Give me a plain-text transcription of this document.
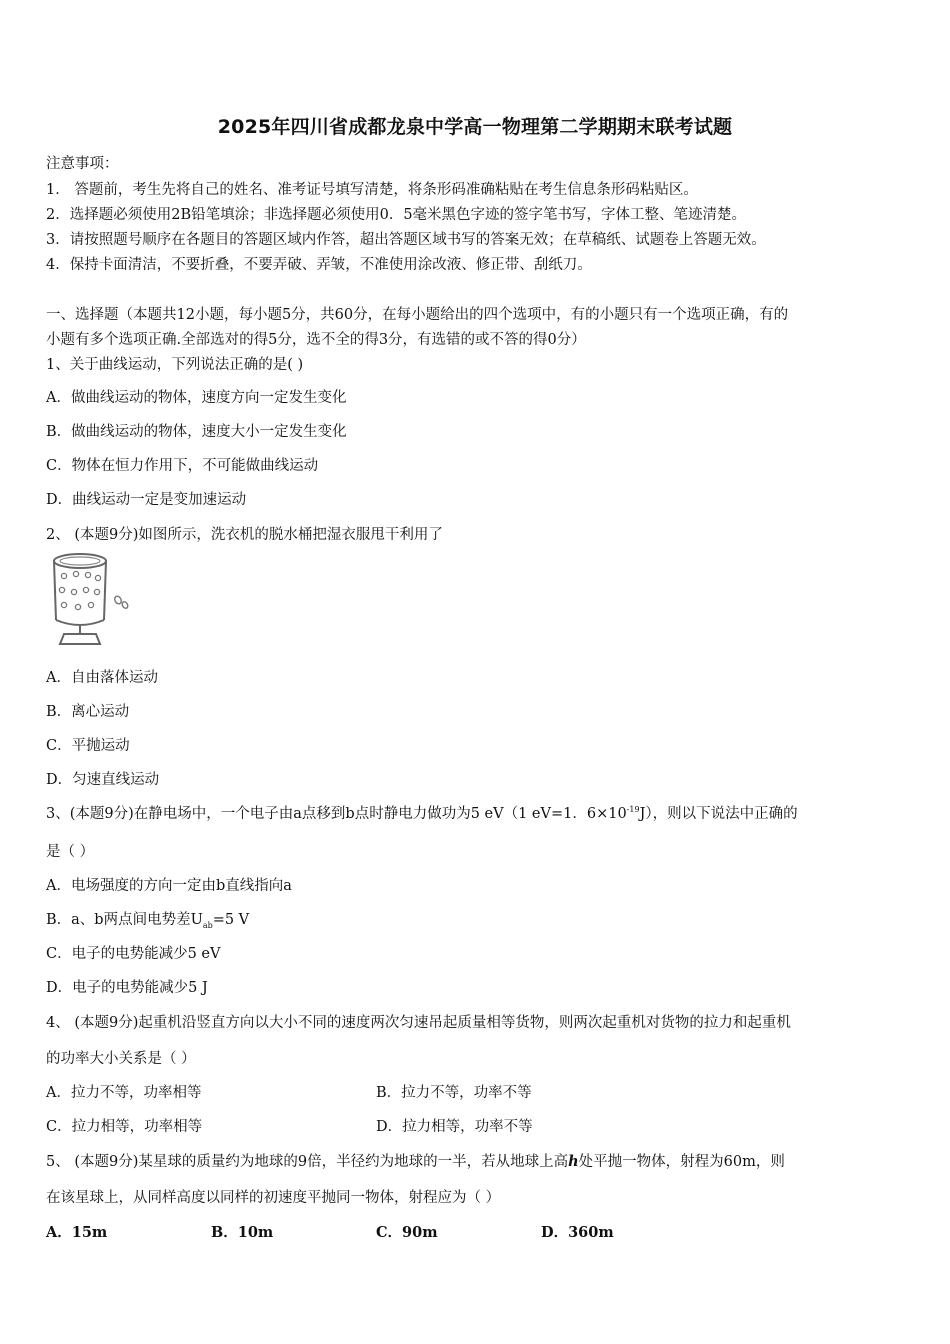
2025年四川省成都龙泉中学高一物理第二学期期末联考试题
注意事项：
1． 答题前，考生先将自己的姓名、准考证号填写清楚，将条形码准确粘贴在考生信息条形码粘贴区。
2．选择题必须使用2B铅笔填涂；非选择题必须使用0．5毫米黑色字迹的签字笔书写，字体工整、笔迹清楚。
3．请按照题号顺序在各题目的答题区域内作答，超出答题区域书写的答案无效；在草稿纸、试题卷上答题无效。
4．保持卡面清洁，不要折叠，不要弄破、弄皱，不准使用涂改液、修正带、刮纸刀。
一、选择题（本题共12小题，每小题5分，共60分，在每小题给出的四个选项中，有的小题只有一个选项正确，有的
小题有多个选项正确.全部选对的得5分，选不全的得3分，有选错的或不答的得0分）
1、关于曲线运动，下列说法正确的是( )
A．做曲线运动的物体，速度方向一定发生变化
B．做曲线运动的物体，速度大小一定发生变化
C．物体在恒力作用下，不可能做曲线运动
D．曲线运动一定是变加速运动
2、 (本题9分)如图所示，洗衣机的脱水桶把湿衣服甩干利用了
A．自由落体运动
B．离心运动
C．平抛运动
D．匀速直线运动
3、(本题9分)在静电场中，一个电子由a点移到b点时静电力做功为5 eV（1 eV=1．$6\times 10^{-19}J$），则以下说法中正确的
是（ ）
A．电场强度的方向一定由b直线指向a
B．a、b两点间电势差$U_{ab}=5$ V
C．电子的电势能减少5 eV
D．电子的电势能减少5 J
4、 (本题9分)起重机沿竖直方向以大小不同的速度两次匀速吊起质量相等货物，则两次起重机对货物的拉力和起重机
的功率大小关系是（ ）
A．拉力不等，功率相等	B．拉力不等，功率不等
C．拉力相等，功率相等	D．拉力相等，功率不等
5、 (本题9分)某星球的质量约为地球的9倍，半径约为地球的一半，若从地球上高h处平抛一物体，射程为60m，则
在该星球上，从同样高度以同样的初速度平抛同一物体，射程应为（ ）
A．15m	B．10m	C．90m	D．360m
